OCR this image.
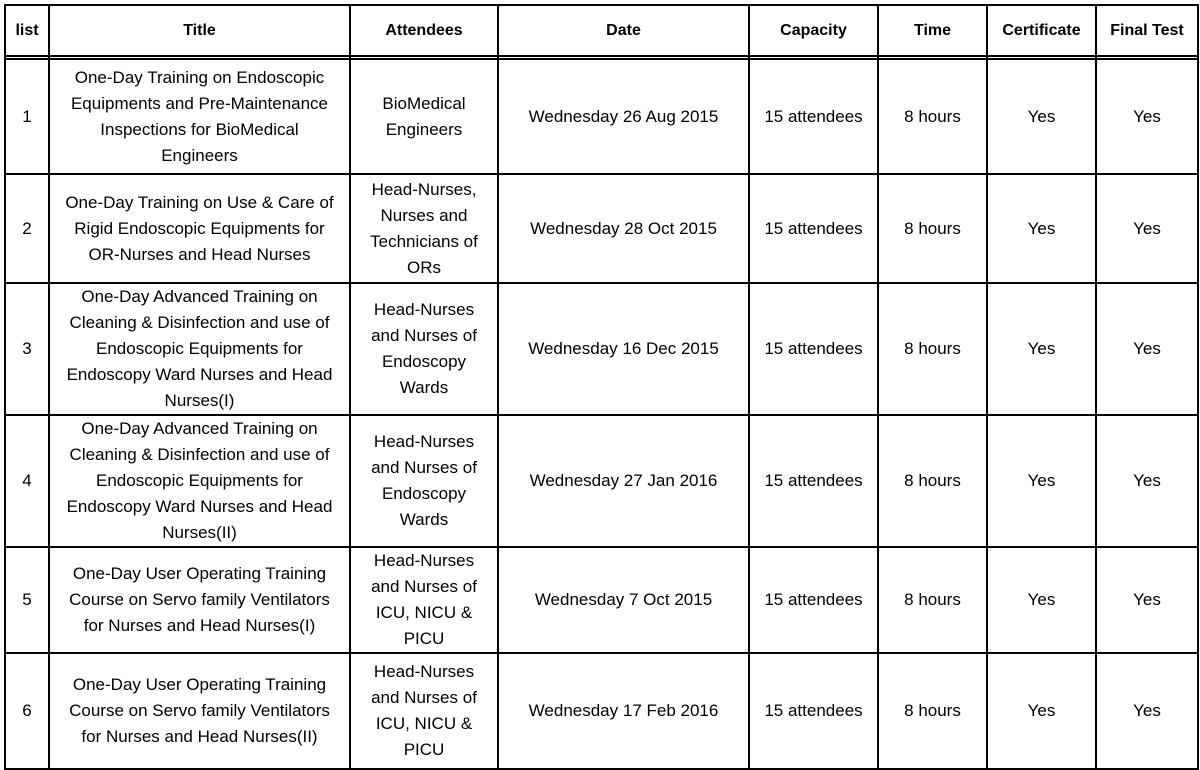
list	Title	Attendees	Date	Capacity	Time	Certificate	Final Test

1	One-Day Training on Endoscopic
Equipments and Pre-Maintenance
Inspections for BioMedical
Engineers	BioMedical
Engineers	Wednesday 26 Aug 2015	15 attendees	8 hours	Yes	Yes
2	One-Day Training on Use & Care of
Rigid Endoscopic Equipments for
OR-Nurses and Head Nurses	Head-Nurses,
Nurses and
Technicians of
ORs	Wednesday 28 Oct 2015	15 attendees	8 hours	Yes	Yes
3	One-Day Advanced Training on
Cleaning & Disinfection and use of
Endoscopic Equipments for
Endoscopy Ward Nurses and Head
Nurses(I)	Head-Nurses
and Nurses of
Endoscopy
Wards	Wednesday 16 Dec 2015	15 attendees	8 hours	Yes	Yes
4	One-Day Advanced Training on
Cleaning & Disinfection and use of
Endoscopic Equipments for
Endoscopy Ward Nurses and Head
Nurses(II)	Head-Nurses
and Nurses of
Endoscopy
Wards	Wednesday 27 Jan 2016	15 attendees	8 hours	Yes	Yes
5	One-Day User Operating Training
Course on Servo family Ventilators
for Nurses and Head Nurses(I)	Head-Nurses
and Nurses of
ICU, NICU & PICU	Wednesday 7 Oct 2015	15 attendees	8 hours	Yes	Yes
6	One-Day User Operating Training
Course on Servo family Ventilators
for Nurses and Head Nurses(II)	Head-Nurses
and Nurses of
ICU, NICU & PICU	Wednesday 17 Feb 2016	15 attendees	8 hours	Yes	Yes
